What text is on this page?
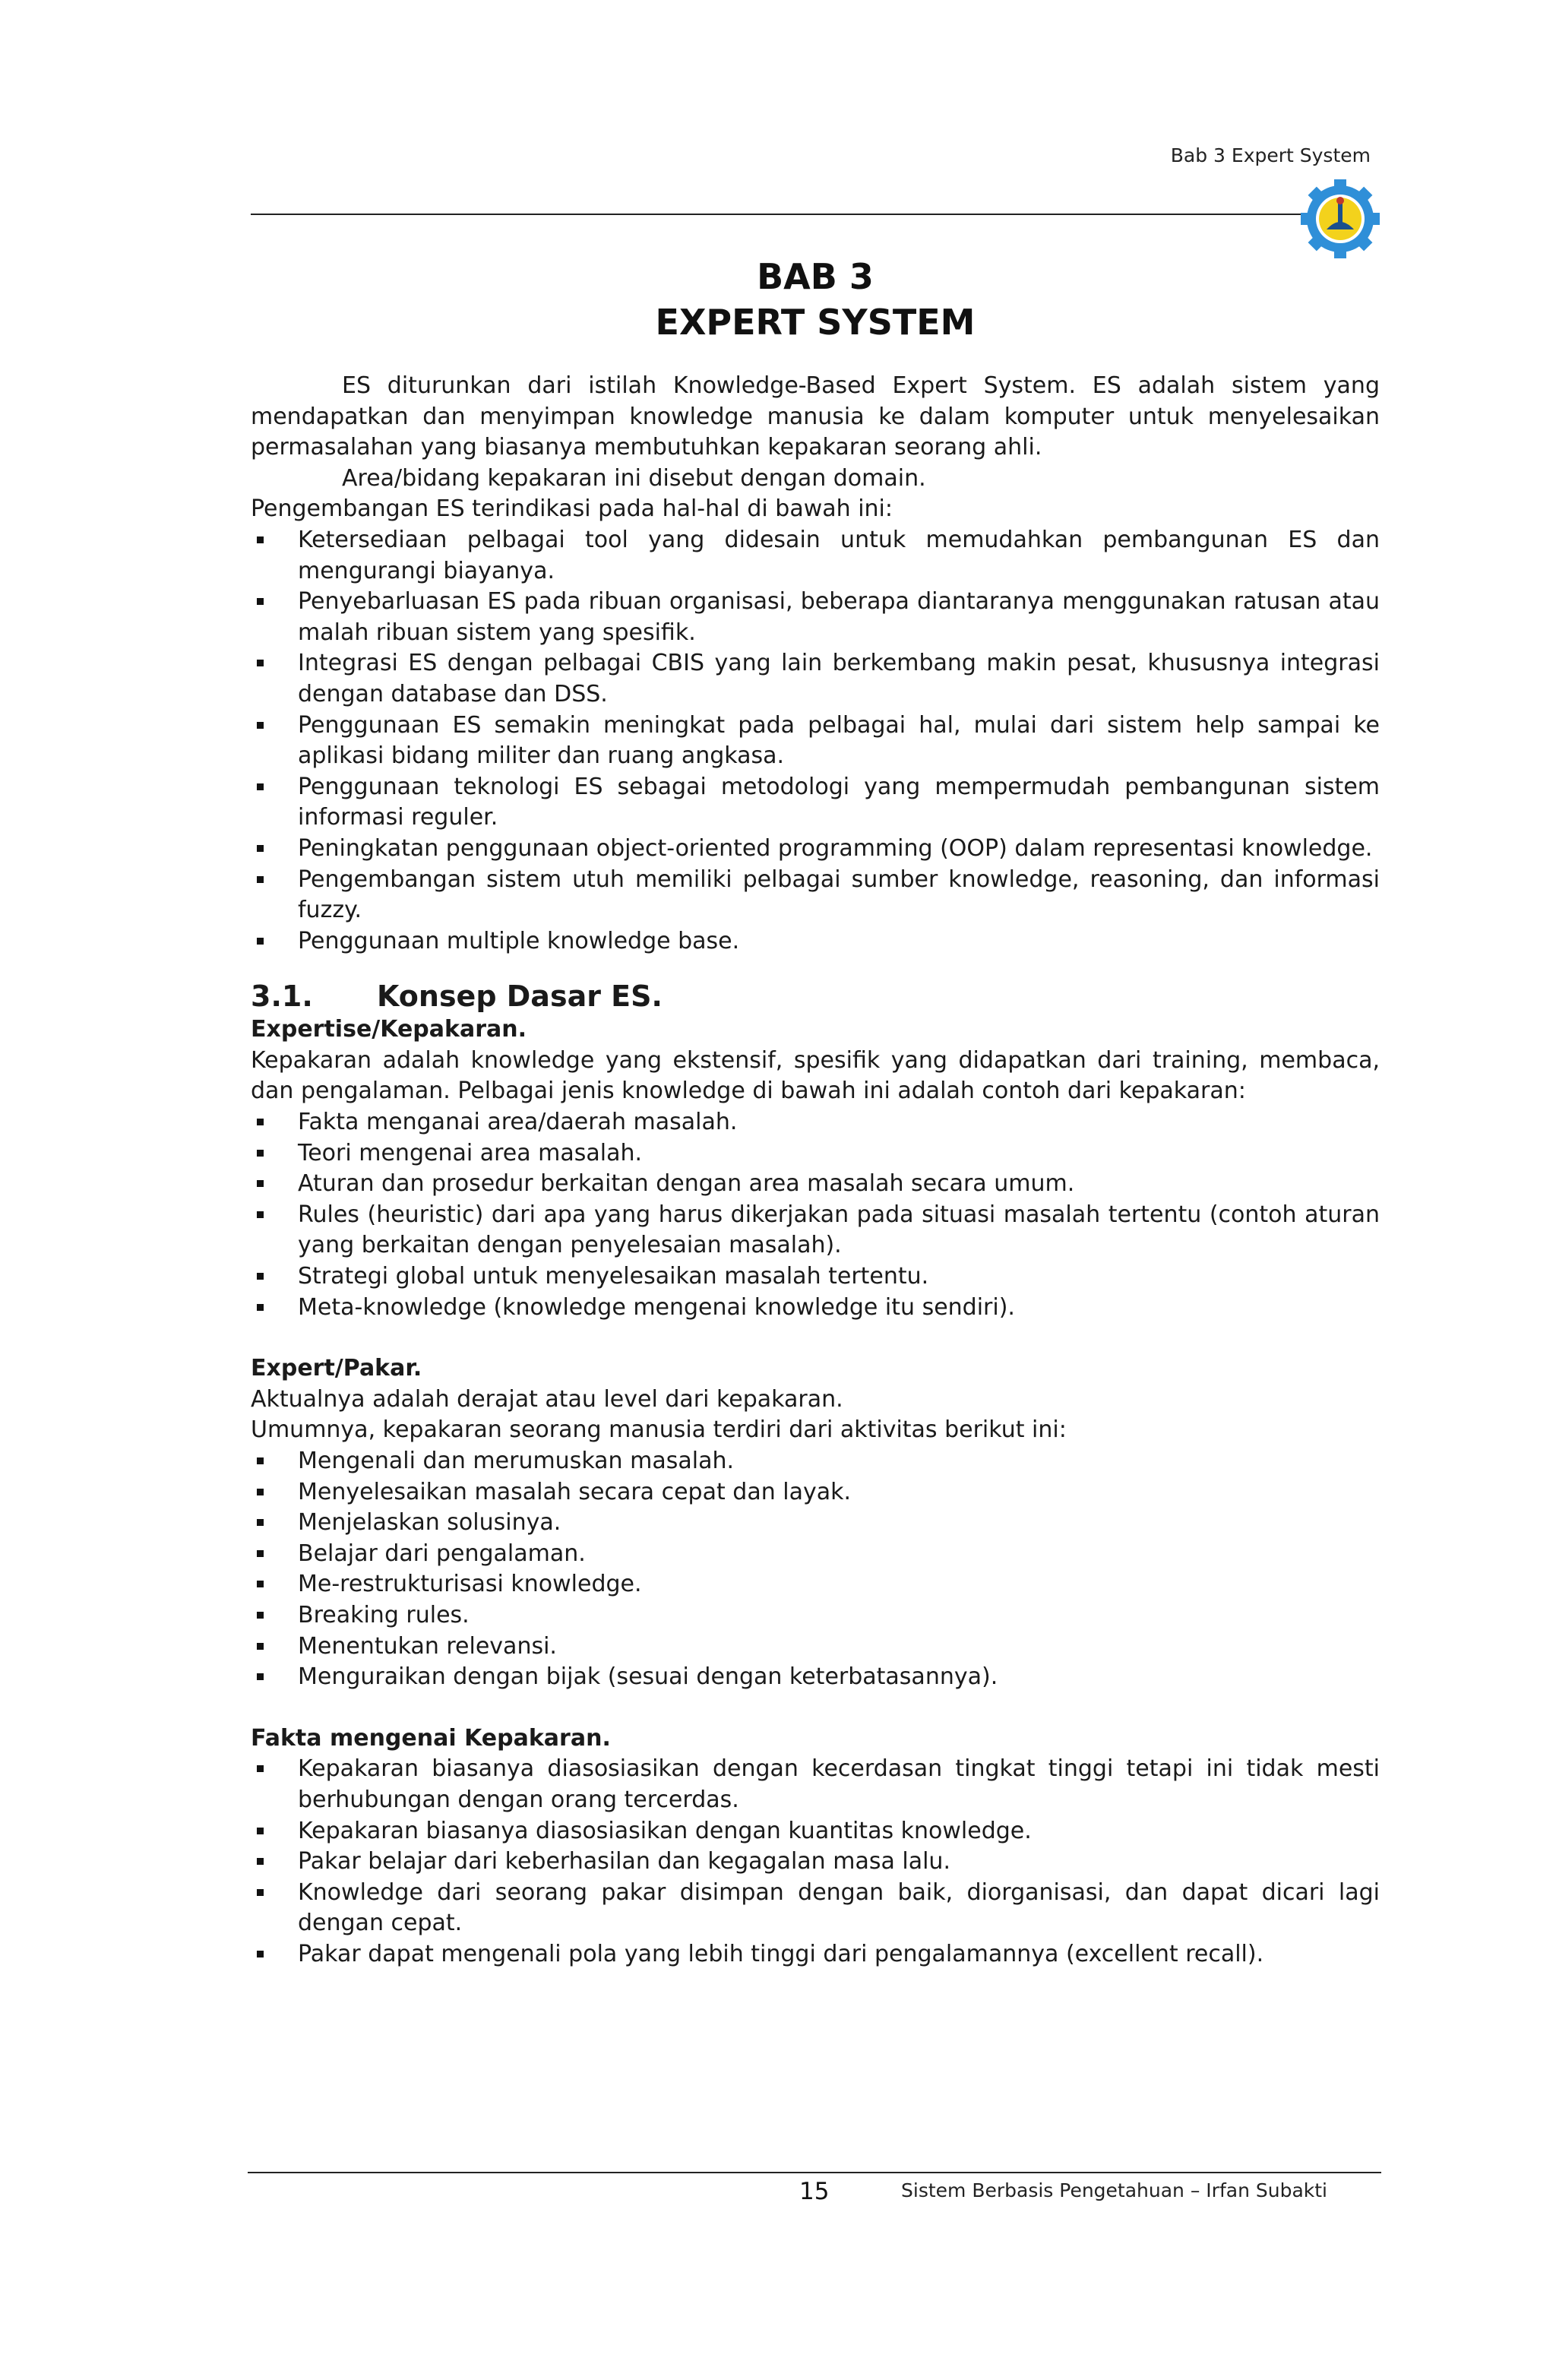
Bab 3 Expert System
BAB 3
EXPERT SYSTEM

ES diturunkan dari istilah Knowledge-Based Expert System. ES adalah sistem yang mendapatkan dan menyimpan knowledge manusia ke dalam komputer untuk menyelesaikan permasalahan yang biasanya membutuhkan kepakaran seorang ahli.

Area/bidang kepakaran ini disebut dengan domain.

Pengembangan ES terindikasi pada hal-hal di bawah ini:

Ketersediaan pelbagai tool yang didesain untuk memudahkan pembangunan ES dan mengurangi biayanya.
Penyebarluasan ES pada ribuan organisasi, beberapa diantaranya menggunakan ratusan atau malah ribuan sistem yang spesifik.
Integrasi ES dengan pelbagai CBIS yang lain berkembang makin pesat, khususnya integrasi dengan database dan DSS.
Penggunaan ES semakin meningkat pada pelbagai hal, mulai dari sistem help sampai ke aplikasi bidang militer dan ruang angkasa.
Penggunaan teknologi ES sebagai metodologi yang mempermudah pembangunan sistem informasi reguler.
Peningkatan penggunaan object-oriented programming (OOP) dalam representasi knowledge.
Pengembangan sistem utuh memiliki pelbagai sumber knowledge, reasoning, dan informasi fuzzy.
Penggunaan multiple knowledge base.
3.1. Konsep Dasar ES.
Expertise/Kepakaran.

Kepakaran adalah knowledge yang ekstensif, spesifik yang didapatkan dari training, membaca, dan pengalaman. Pelbagai jenis knowledge di bawah ini adalah contoh dari kepakaran:

Fakta menganai area/daerah masalah.
Teori mengenai area masalah.
Aturan dan prosedur berkaitan dengan area masalah secara umum.
Rules (heuristic) dari apa yang harus dikerjakan pada situasi masalah tertentu (contoh aturan yang berkaitan dengan penyelesaian masalah).
Strategi global untuk menyelesaikan masalah tertentu.
Meta-knowledge (knowledge mengenai knowledge itu sendiri).
Expert/Pakar.

Aktualnya adalah derajat atau level dari kepakaran.

Umumnya, kepakaran seorang manusia terdiri dari aktivitas berikut ini:

Mengenali dan merumuskan masalah.
Menyelesaikan masalah secara cepat dan layak.
Menjelaskan solusinya.
Belajar dari pengalaman.
Me-restrukturisasi knowledge.
Breaking rules.
Menentukan relevansi.
Menguraikan dengan bijak (sesuai dengan keterbatasannya).
Fakta mengenai Kepakaran.
Kepakaran biasanya diasosiasikan dengan kecerdasan tingkat tinggi tetapi ini tidak mesti berhubungan dengan orang tercerdas.
Kepakaran biasanya diasosiasikan dengan kuantitas knowledge.
Pakar belajar dari keberhasilan dan kegagalan masa lalu.
Knowledge dari seorang pakar disimpan dengan baik, diorganisasi, dan dapat dicari lagi dengan cepat.
Pakar dapat mengenali pola yang lebih tinggi dari pengalamannya (excellent recall).
15	Sistem Berbasis Pengetahuan – Irfan Subakti
